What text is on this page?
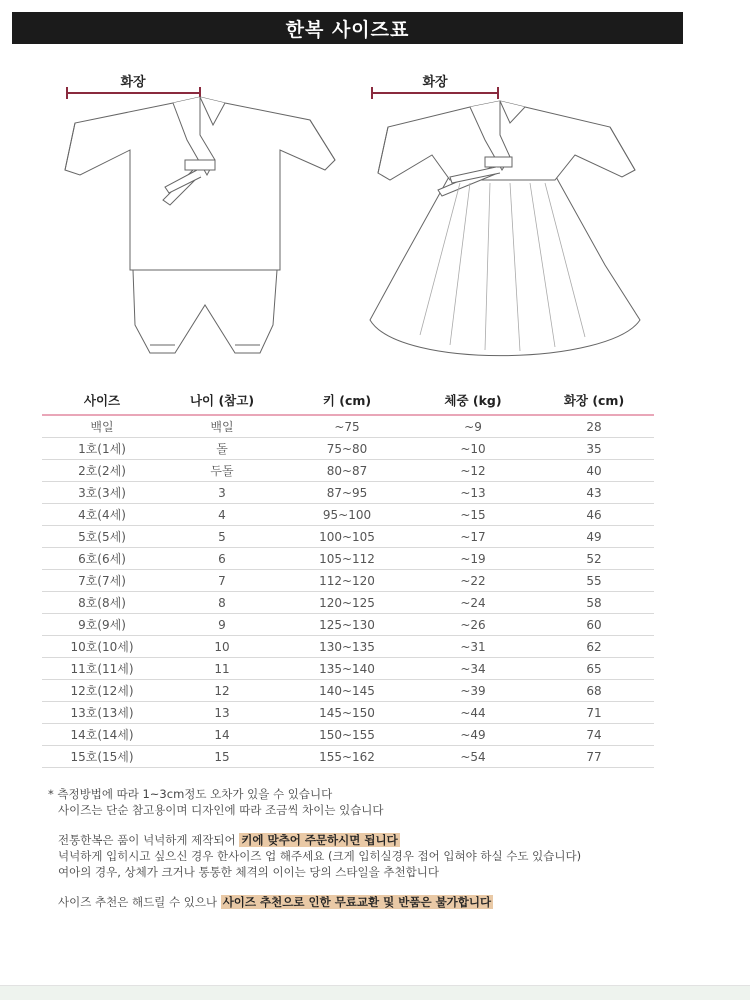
한복 사이즈표
화장	화장
사이즈	나이 (참고)	키 (cm)	체중 (kg)	화장 (cm)
백일	백일	~75	~9	28
1호(1세)	돌	75~80	~10	35
2호(2세)	두돌	80~87	~12	40
3호(3세)	3	87~95	~13	43
4호(4세)	4	95~100	~15	46
5호(5세)	5	100~105	~17	49
6호(6세)	6	105~112	~19	52
7호(7세)	7	112~120	~22	55
8호(8세)	8	120~125	~24	58
9호(9세)	9	125~130	~26	60
10호(10세)	10	130~135	~31	62
11호(11세)	11	135~140	~34	65
12호(12세)	12	140~145	~39	68
13호(13세)	13	145~150	~44	71
14호(14세)	14	150~155	~49	74
15호(15세)	15	155~162	~54	77

* 측정방법에 따라 1~3cm정도 오차가 있을 수 있습니다

사이즈는 단순 참고용이며 디자인에 따라 조금씩 차이는 있습니다

전통한복은 품이 넉넉하게 제작되어 키에 맞추어 주문하시면 됩니다

넉넉하게 입히시고 싶으신 경우 한사이즈 업 해주세요 (크게 입히실경우 접어 입혀야 하실 수도 있습니다)

여아의 경우, 상체가 크거나 통통한 체격의 이이는 당의 스타일을 추천합니다

사이즈 추천은 해드릴 수 있으나 사이즈 추천으로 인한 무료교환 및 반품은 불가합니다
